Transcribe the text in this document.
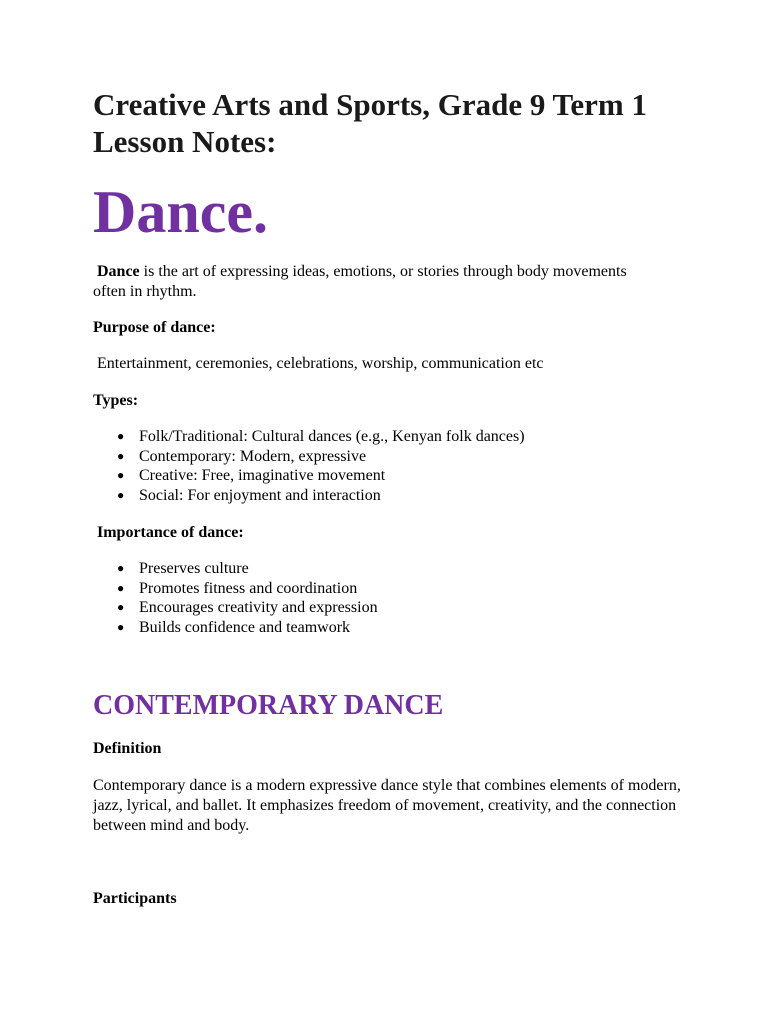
Creative Arts and Sports, Grade 9 Term 1 Lesson Notes:
Dance.

Dance is the art of expressing ideas, emotions, or stories through body movements often in rhythm.

Purpose of dance:

Entertainment, ceremonies, celebrations, worship, communication etc

Types:

● Folk/Traditional: Cultural dances (e.g., Kenyan folk dances)
● Contemporary: Modern, expressive
● Creative: Free, imaginative movement
● Social: For enjoyment and interaction

Importance of dance:

● Preserves culture
● Promotes fitness and coordination
● Encourages creativity and expression
● Builds confidence and teamwork
CONTEMPORARY DANCE

Definition

Contemporary dance is a modern expressive dance style that combines elements of modern, jazz, lyrical, and ballet. It emphasizes freedom of movement, creativity, and the connection between mind and body.

Participants
